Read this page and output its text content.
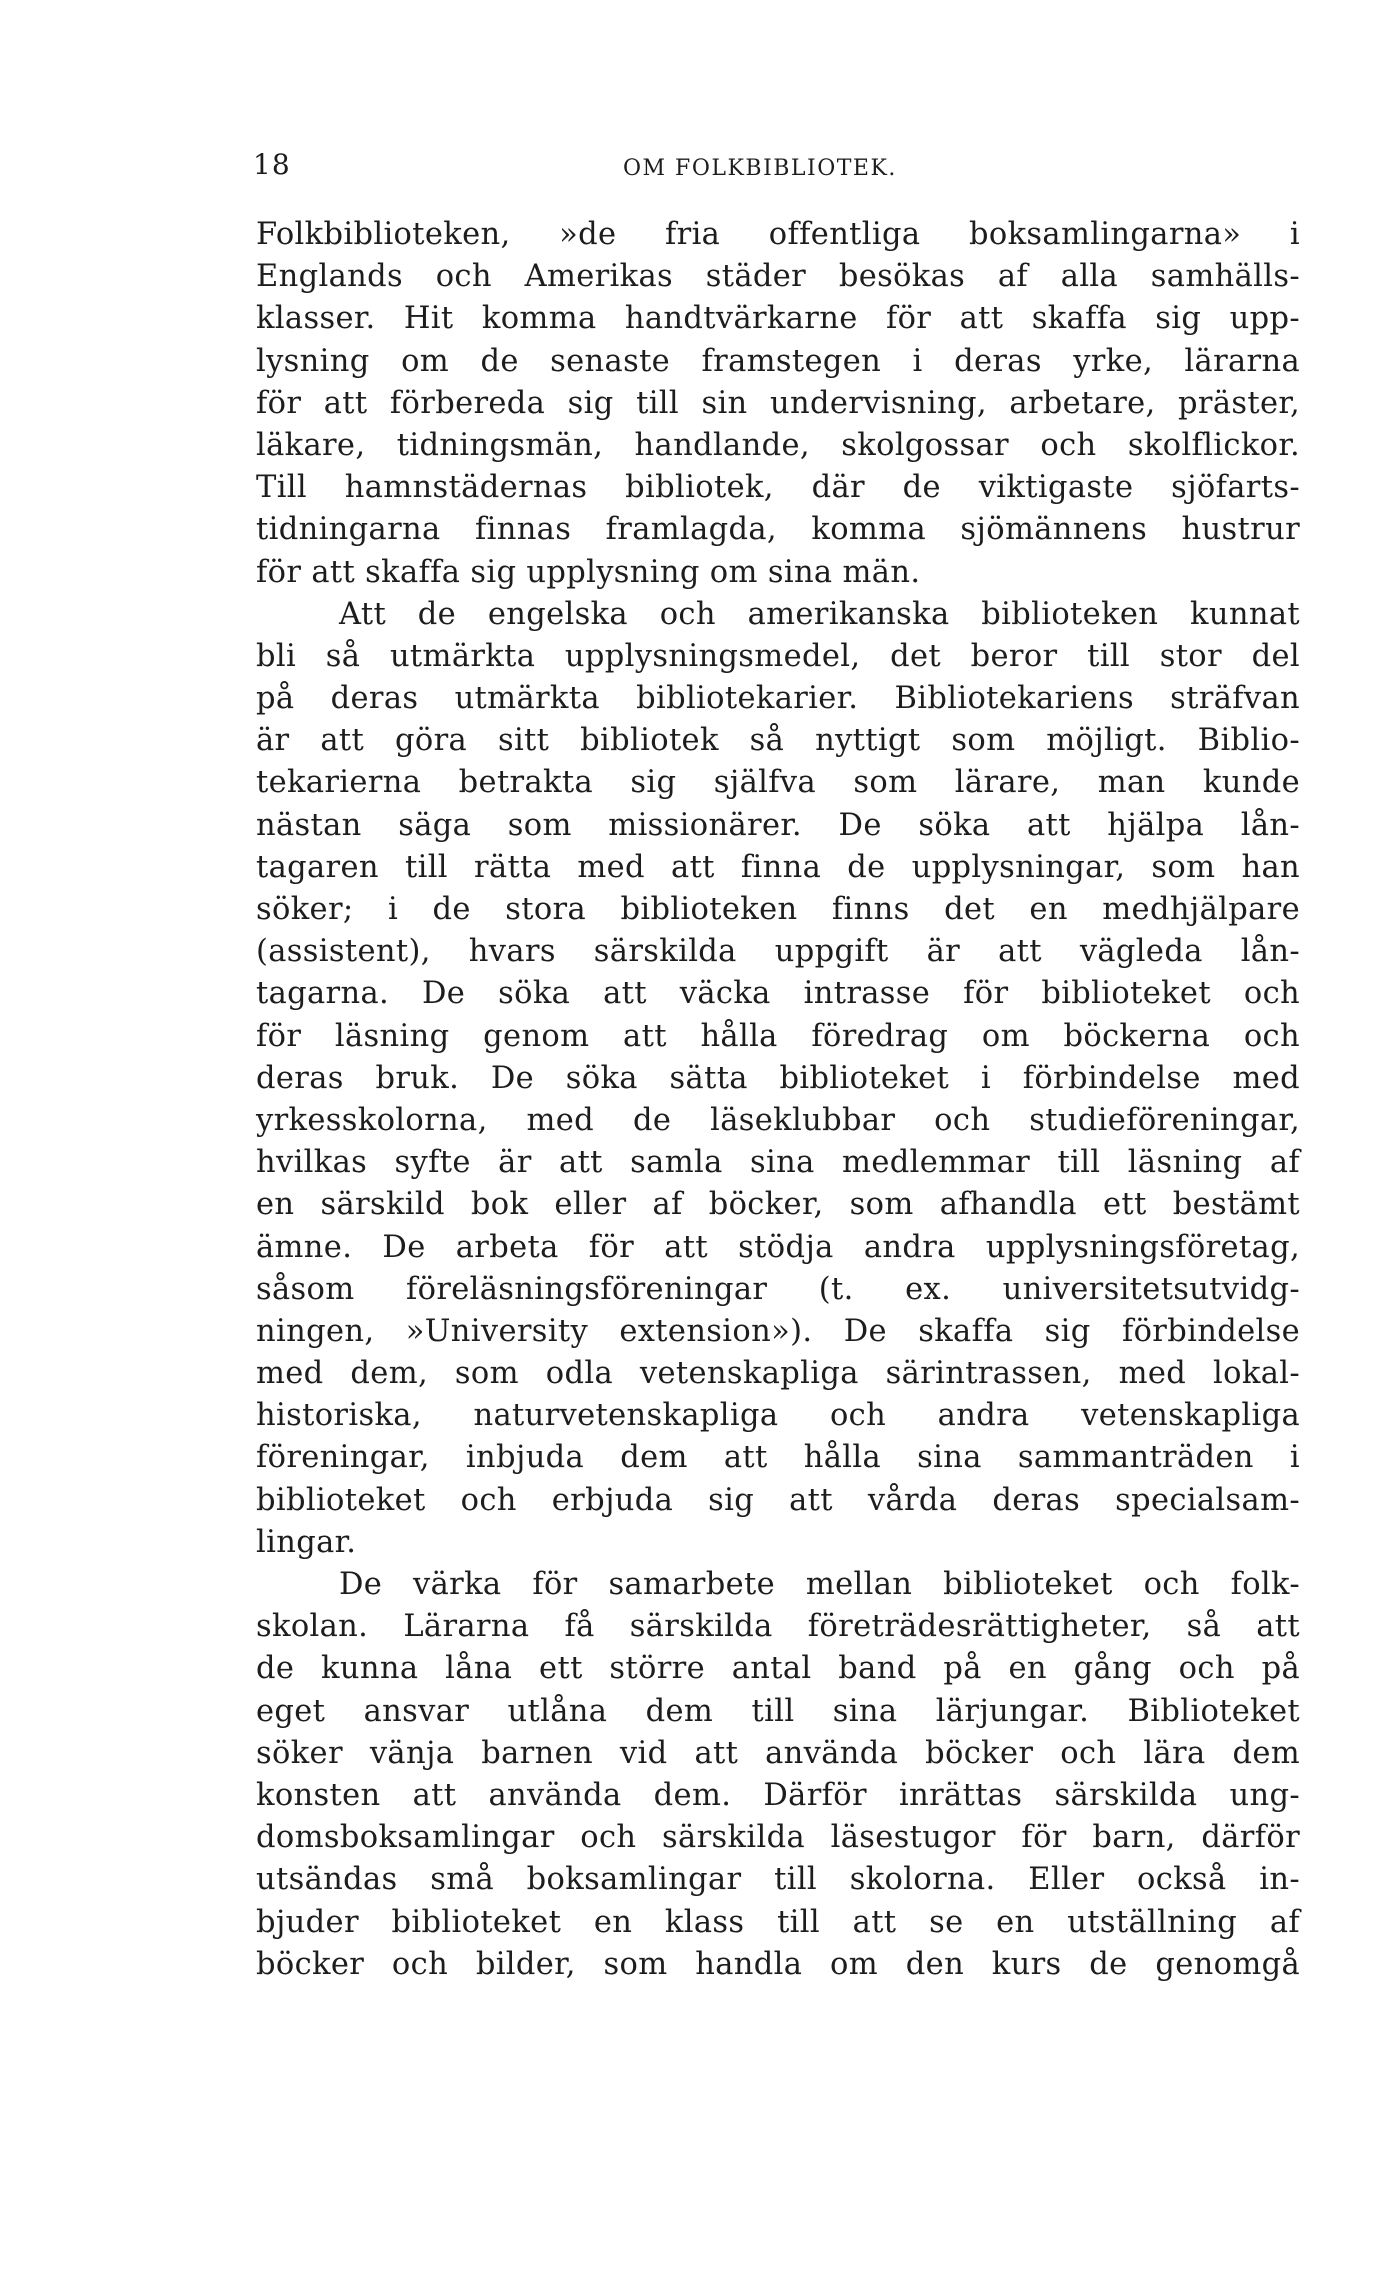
18	OM FOLKBIBLIOTEK.
Folkbiblioteken, »de fria offentliga boksamlingarna» i
Englands och Amerikas städer besökas af alla samhälls-
klasser. Hit komma handtvärkarne för att skaffa sig upp-
lysning om de senaste framstegen i deras yrke, lärarna
för att förbereda sig till sin undervisning, arbetare, präster,
läkare, tidningsmän, handlande, skolgossar och skolflickor.
Till hamnstädernas bibliotek, där de viktigaste sjöfarts-
tidningarna finnas framlagda, komma sjömännens hustrur
för att skaffa sig upplysning om sina män.
Att de engelska och amerikanska biblioteken kunnat
bli så utmärkta upplysningsmedel, det beror till stor del
på deras utmärkta bibliotekarier. Bibliotekariens sträfvan
är att göra sitt bibliotek så nyttigt som möjligt. Biblio-
tekarierna betrakta sig själfva som lärare, man kunde
nästan säga som missionärer. De söka att hjälpa lån-
tagaren till rätta med att finna de upplysningar, som han
söker; i de stora biblioteken finns det en medhjälpare
(assistent), hvars särskilda uppgift är att vägleda lån-
tagarna. De söka att väcka intrasse för biblioteket och
för läsning genom att hålla föredrag om böckerna och
deras bruk. De söka sätta biblioteket i förbindelse med
yrkesskolorna, med de läseklubbar och studieföreningar,
hvilkas syfte är att samla sina medlemmar till läsning af
en särskild bok eller af böcker, som afhandla ett bestämt
ämne. De arbeta för att stödja andra upplysningsföretag,
såsom föreläsningsföreningar (t. ex. universitetsutvidg-
ningen, »University extension»). De skaffa sig förbindelse
med dem, som odla vetenskapliga särintrassen, med lokal-
historiska, naturvetenskapliga och andra vetenskapliga
föreningar, inbjuda dem att hålla sina sammanträden i
biblioteket och erbjuda sig att vårda deras specialsam-
lingar.
De värka för samarbete mellan biblioteket och folk-
skolan. Lärarna få särskilda företrädesrättigheter, så att
de kunna låna ett större antal band på en gång och på
eget ansvar utlåna dem till sina lärjungar. Biblioteket
söker vänja barnen vid att använda böcker och lära dem
konsten att använda dem. Därför inrättas särskilda ung-
domsboksamlingar och särskilda läsestugor för barn, därför
utsändas små boksamlingar till skolorna. Eller också in-
bjuder biblioteket en klass till att se en utställning af
böcker och bilder, som handla om den kurs de genomgå
